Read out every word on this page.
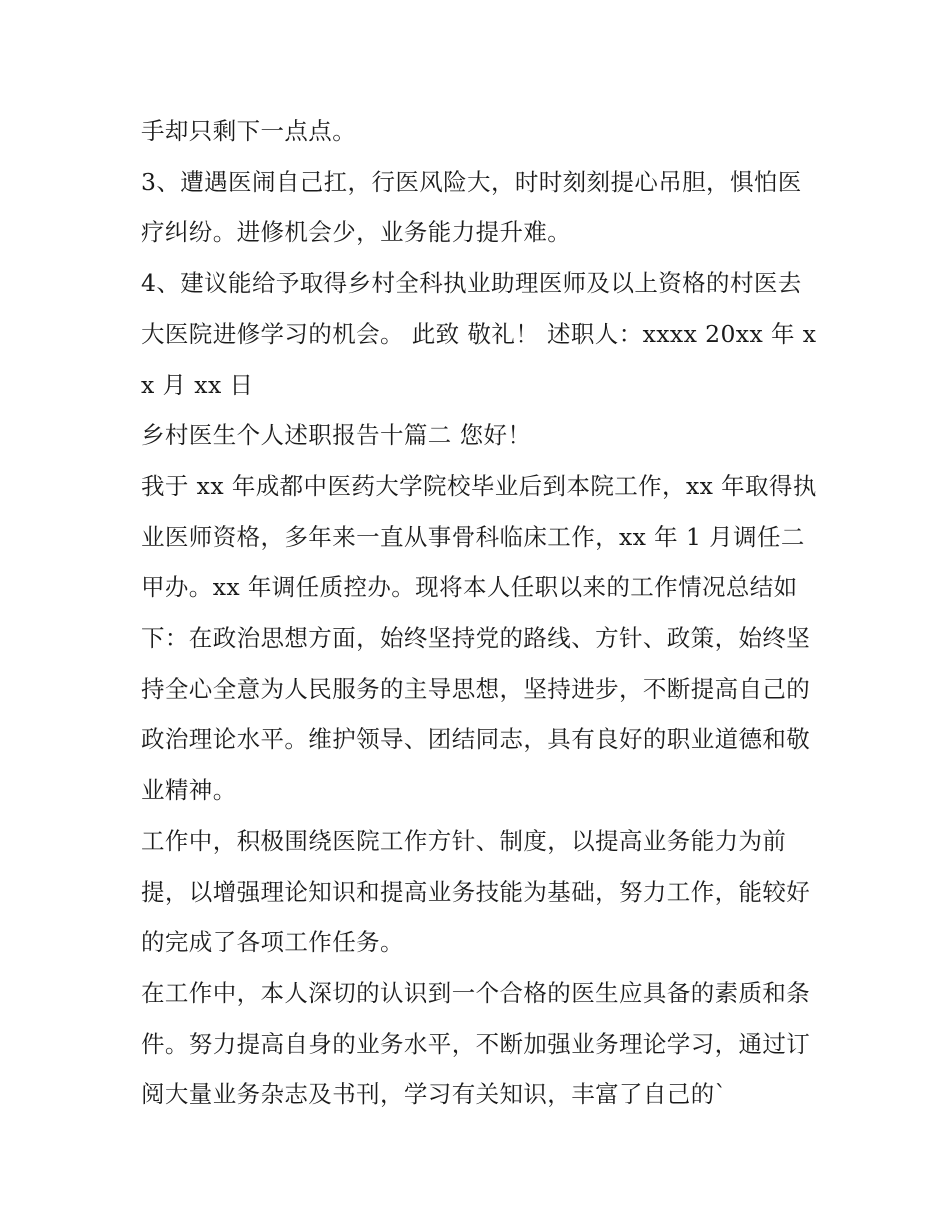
手却只剩下一点点。

3、遭遇医闹自己扛，行医风险大，时时刻刻提心吊胆，惧怕医疗纠纷。进修机会少，业务能力提升难。

4、建议能给予取得乡村全科执业助理医师及以上资格的村医去大医院进修学习的机会。 此致 敬礼！ 述职人：xxxx 20xx 年 xx 月 xx 日

乡村医生个人述职报告十篇二 您好！

我于 xx 年成都中医药大学院校毕业后到本院工作，xx 年取得执业医师资格，多年来一直从事骨科临床工作，xx 年 1 月调任二甲办。xx 年调任质控办。现将本人任职以来的工作情况总结如下：在政治思想方面，始终坚持党的路线、方针、政策，始终坚持全心全意为人民服务的主导思想，坚持进步，不断提高自己的政治理论水平。维护领导、团结同志，具有良好的职业道德和敬业精神。

工作中，积极围绕医院工作方针、制度，以提高业务能力为前提，以增强理论知识和提高业务技能为基础，努力工作，能较好的完成了各项工作任务。

在工作中，本人深切的认识到一个合格的医生应具备的素质和条件。努力提高自身的业务水平，不断加强业务理论学习，通过订阅大量业务杂志及书刊，学习有关知识，丰富了自己的`
